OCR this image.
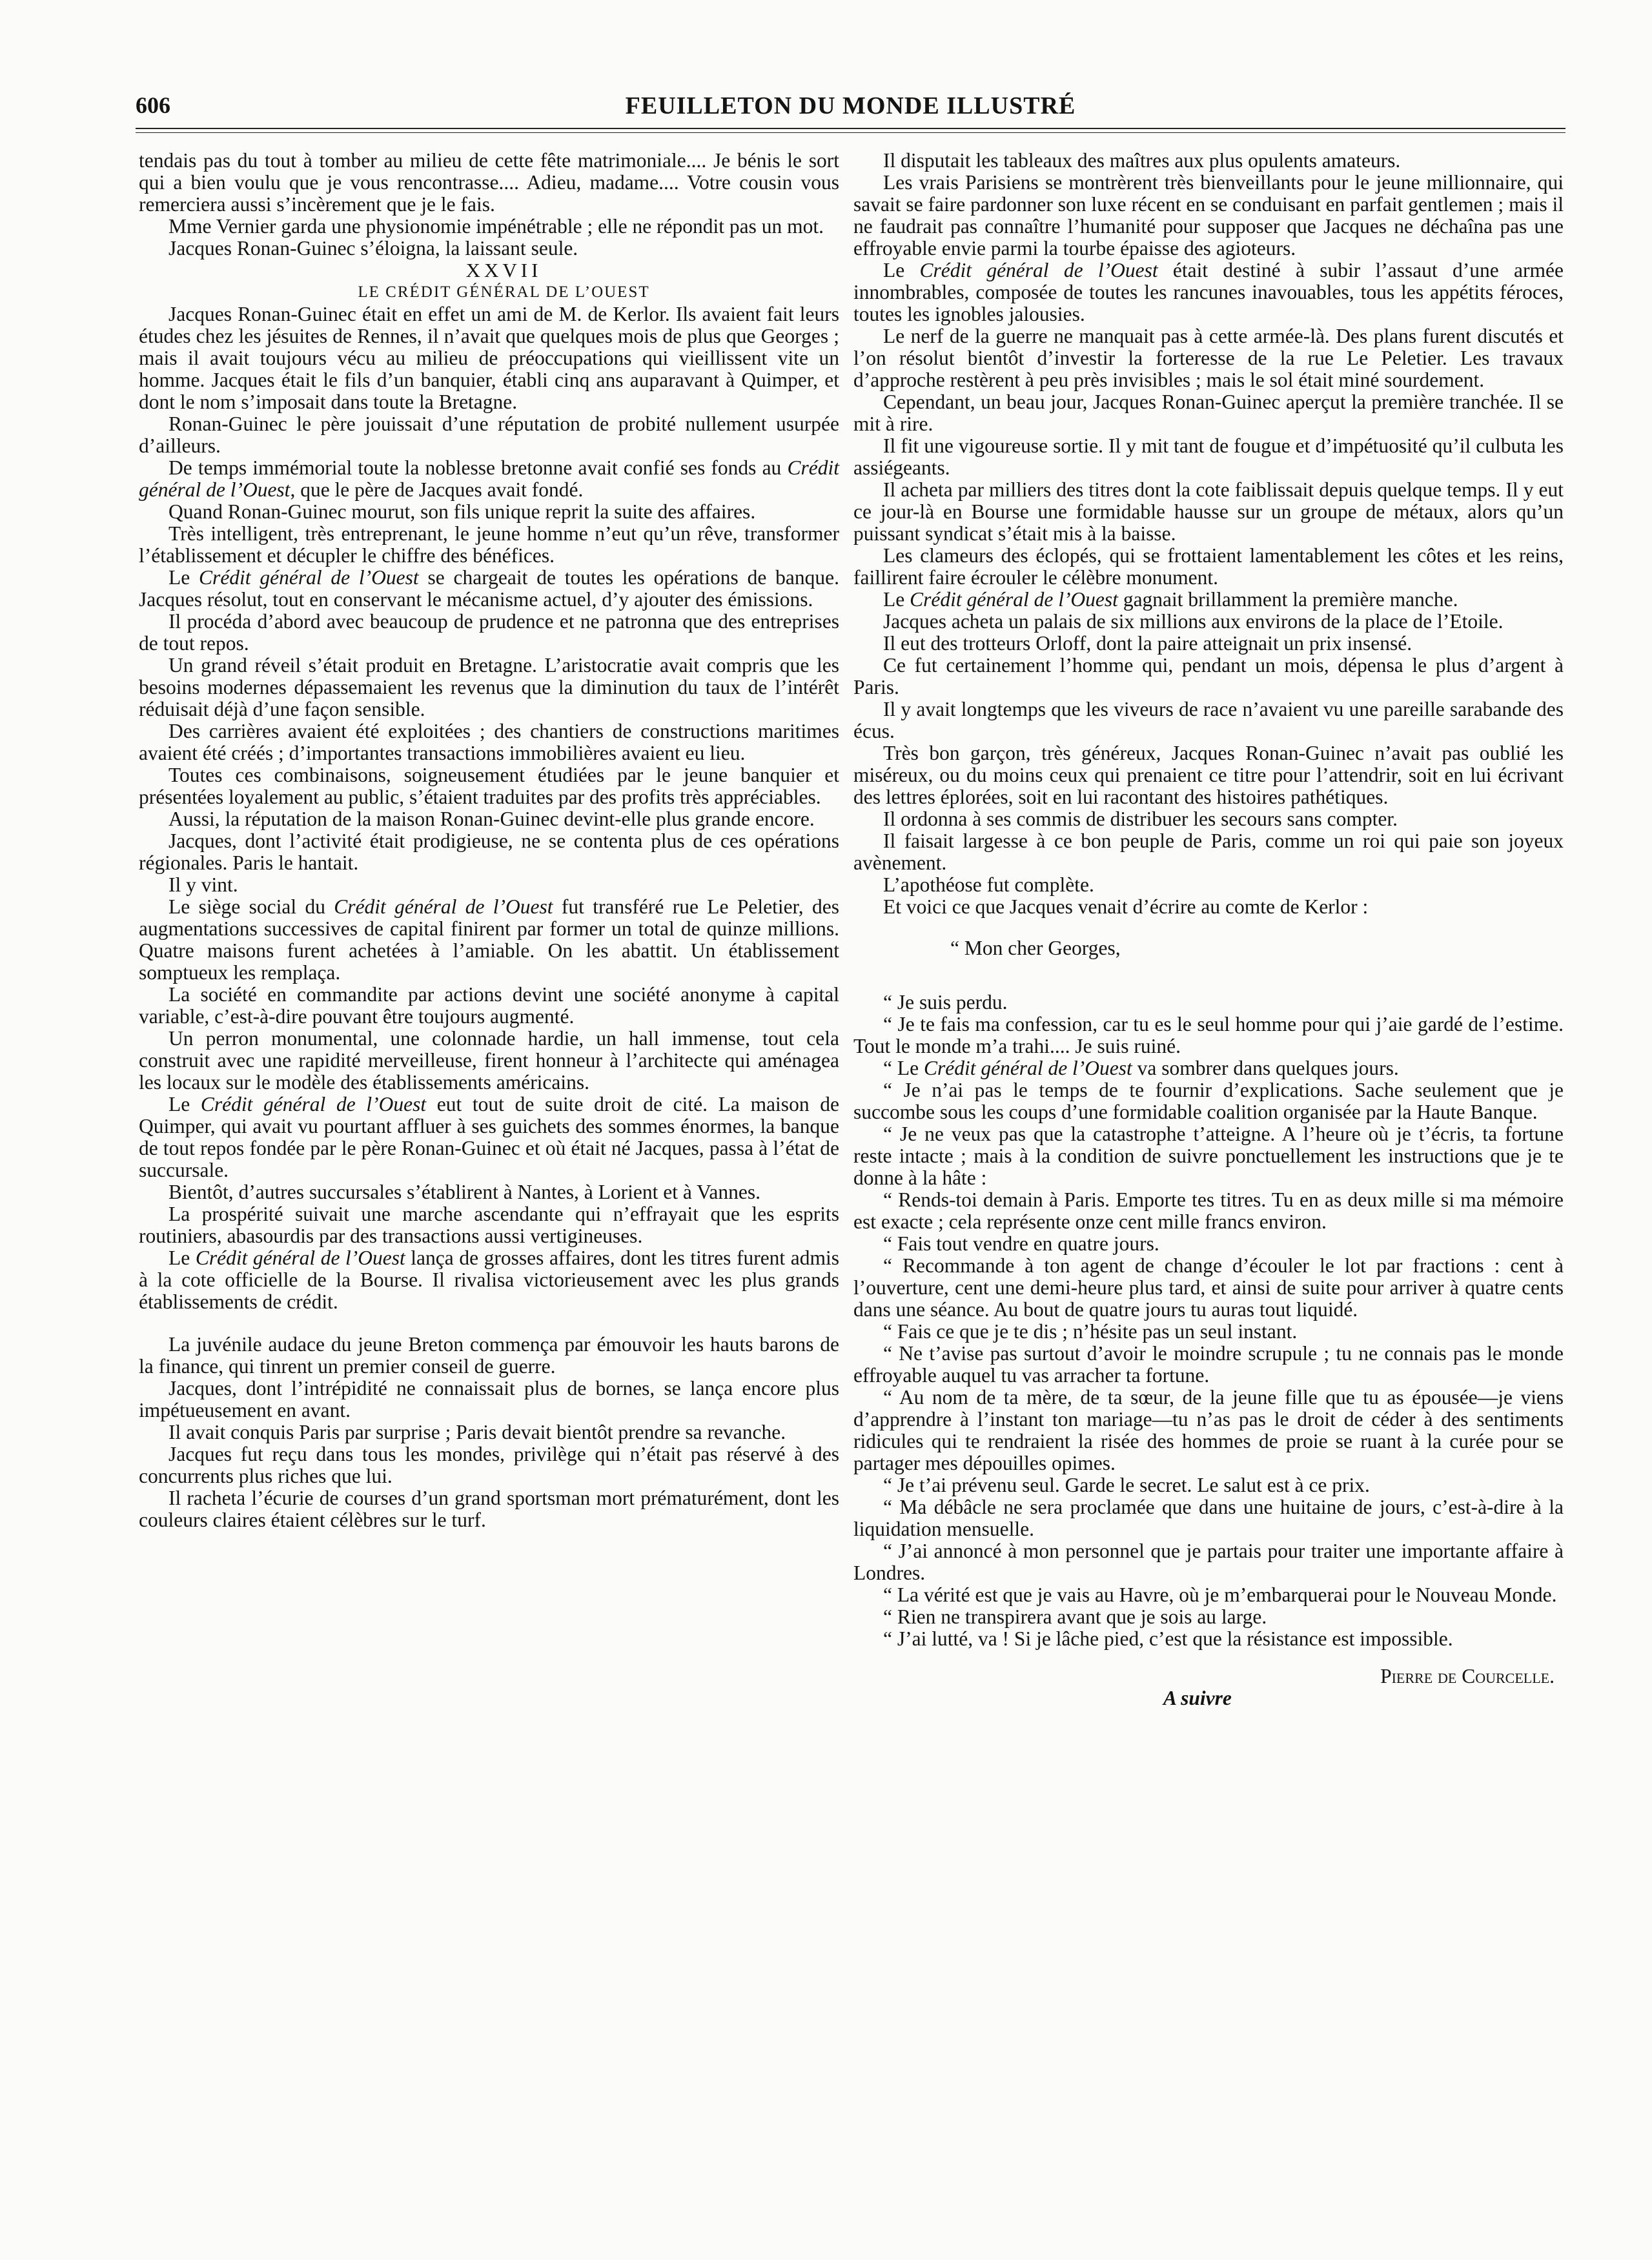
606	FEUILLETON DU MONDE ILLUSTRÉ

tendais pas du tout à tomber au milieu de cette fête matrimoniale.... Je bénis le sort qui a bien voulu que je vous rencontrasse.... Adieu, madame.... Votre cousin vous remerciera aussi s’incèrement que je le fais.

Mme Vernier garda une physionomie impénétrable ; elle ne répondit pas un mot.

Jacques Ronan-Guinec s’éloigna, la laissant seule.

XXVII

LE CRÉDIT GÉNÉRAL DE L’OUEST

Jacques Ronan-Guinec était en effet un ami de M. de Kerlor. Ils avaient fait leurs études chez les jésuites de Rennes, il n’avait que quelques mois de plus que Georges ; mais il avait toujours vécu au milieu de préoccupations qui vieillissent vite un homme. Jacques était le fils d’un banquier, établi cinq ans auparavant à Quimper, et dont le nom s’imposait dans toute la Bretagne.

Ronan-Guinec le père jouissait d’une réputation de probité nullement usurpée d’ailleurs.

De temps immémorial toute la noblesse bretonne avait confié ses fonds au Crédit général de l’Ouest, que le père de Jacques avait fondé.

Quand Ronan-Guinec mourut, son fils unique reprit la suite des affaires.

Très intelligent, très entreprenant, le jeune homme n’eut qu’un rêve, transformer l’établissement et décupler le chiffre des bénéfices.

Le Crédit général de l’Ouest se chargeait de toutes les opérations de banque. Jacques résolut, tout en conservant le mécanisme actuel, d’y ajouter des émissions.

Il procéda d’abord avec beaucoup de prudence et ne patronna que des entreprises de tout repos.

Un grand réveil s’était produit en Bretagne. L’aristocratie avait compris que les besoins modernes dépassemaient les revenus que la diminution du taux de l’intérêt réduisait déjà d’une façon sensible.

Des carrières avaient été exploitées ; des chantiers de constructions maritimes avaient été créés ; d’importantes transactions immobilières avaient eu lieu.

Toutes ces combinaisons, soigneusement étudiées par le jeune banquier et présentées loyalement au public, s’étaient traduites par des profits très appréciables.

Aussi, la réputation de la maison Ronan-Guinec devint-elle plus grande encore.

Jacques, dont l’activité était prodigieuse, ne se contenta plus de ces opérations régionales. Paris le hantait.

Il y vint.

Le siège social du Crédit général de l’Ouest fut transféré rue Le Peletier, des augmentations successives de capital finirent par former un total de quinze millions. Quatre maisons furent achetées à l’amiable. On les abattit. Un établissement somptueux les remplaça.

La société en commandite par actions devint une société anonyme à capital variable, c’est-à-dire pouvant être toujours augmenté.

Un perron monumental, une colonnade hardie, un hall immense, tout cela construit avec une rapidité merveilleuse, firent honneur à l’architecte qui aménagea les locaux sur le modèle des établissements américains.

Le Crédit général de l’Ouest eut tout de suite droit de cité. La maison de Quimper, qui avait vu pourtant affluer à ses guichets des sommes énormes, la banque de tout repos fondée par le père Ronan-Guinec et où était né Jacques, passa à l’état de succursale.

Bientôt, d’autres succursales s’établirent à Nantes, à Lorient et à Vannes.

La prospérité suivait une marche ascendante qui n’effrayait que les esprits routiniers, abasourdis par des transactions aussi vertigineuses.

Le Crédit général de l’Ouest lança de grosses affaires, dont les titres furent admis à la cote officielle de la Bourse. Il rivalisa victorieusement avec les plus grands établissements de crédit.

La juvénile audace du jeune Breton commença par émouvoir les hauts barons de la finance, qui tinrent un premier conseil de guerre.

Jacques, dont l’intrépidité ne connaissait plus de bornes, se lança encore plus impétueusement en avant.

Il avait conquis Paris par surprise ; Paris devait bientôt prendre sa revanche.

Jacques fut reçu dans tous les mondes, privilège qui n’était pas réservé à des concurrents plus riches que lui.

Il racheta l’écurie de courses d’un grand sportsman mort prématurément, dont les couleurs claires étaient célèbres sur le turf.

Il disputait les tableaux des maîtres aux plus opulents amateurs.

Les vrais Parisiens se montrèrent très bienveillants pour le jeune millionnaire, qui savait se faire pardonner son luxe récent en se conduisant en parfait gentlemen ; mais il ne faudrait pas connaître l’humanité pour supposer que Jacques ne déchaîna pas une effroyable envie parmi la tourbe épaisse des agioteurs.

Le Crédit général de l’Ouest était destiné à subir l’assaut d’une armée innombrables, composée de toutes les rancunes inavouables, tous les appétits féroces, toutes les ignobles jalousies.

Le nerf de la guerre ne manquait pas à cette armée-là. Des plans furent discutés et l’on résolut bientôt d’investir la forteresse de la rue Le Peletier. Les travaux d’approche restèrent à peu près invisibles ; mais le sol était miné sourdement.

Cependant, un beau jour, Jacques Ronan-Guinec aperçut la première tranchée. Il se mit à rire.

Il fit une vigoureuse sortie. Il y mit tant de fougue et d’impétuosité qu’il culbuta les assiégeants.

Il acheta par milliers des titres dont la cote faiblissait depuis quelque temps. Il y eut ce jour-là en Bourse une formidable hausse sur un groupe de métaux, alors qu’un puissant syndicat s’était mis à la baisse.

Les clameurs des éclopés, qui se frottaient lamentablement les côtes et les reins, faillirent faire écrouler le célèbre monument.

Le Crédit général de l’Ouest gagnait brillamment la première manche.

Jacques acheta un palais de six millions aux environs de la place de l’Etoile.

Il eut des trotteurs Orloff, dont la paire atteignait un prix insensé.

Ce fut certainement l’homme qui, pendant un mois, dépensa le plus d’argent à Paris.

Il y avait longtemps que les viveurs de race n’avaient vu une pareille sarabande des écus.

Très bon garçon, très généreux, Jacques Ronan-Guinec n’avait pas oublié les miséreux, ou du moins ceux qui prenaient ce titre pour l’attendrir, soit en lui écrivant des lettres éplorées, soit en lui racontant des histoires pathétiques.

Il ordonna à ses commis de distribuer les secours sans compter.

Il faisait largesse à ce bon peuple de Paris, comme un roi qui paie son joyeux avènement.

L’apothéose fut complète.

Et voici ce que Jacques venait d’écrire au comte de Kerlor :

“ Mon cher Georges,

“ Je suis perdu.

“ Je te fais ma confession, car tu es le seul homme pour qui j’aie gardé de l’estime. Tout le monde m’a trahi.... Je suis ruiné.

“ Le Crédit général de l’Ouest va sombrer dans quelques jours.

“ Je n’ai pas le temps de te fournir d’explications. Sache seulement que je succombe sous les coups d’une formidable coalition organisée par la Haute Banque.

“ Je ne veux pas que la catastrophe t’atteigne. A l’heure où je t’écris, ta fortune reste intacte ; mais à la condition de suivre ponctuellement les instructions que je te donne à la hâte :

“ Rends-toi demain à Paris. Emporte tes titres. Tu en as deux mille si ma mémoire est exacte ; cela représente onze cent mille francs environ.

“ Fais tout vendre en quatre jours.

“ Recommande à ton agent de change d’écouler le lot par fractions : cent à l’ouverture, cent une demi-heure plus tard, et ainsi de suite pour arriver à quatre cents dans une séance. Au bout de quatre jours tu auras tout liquidé.

“ Fais ce que je te dis ; n’hésite pas un seul instant.

“ Ne t’avise pas surtout d’avoir le moindre scrupule ; tu ne connais pas le monde effroyable auquel tu vas arracher ta fortune.

“ Au nom de ta mère, de ta sœur, de la jeune fille que tu as épousée—je viens d’apprendre à l’instant ton mariage—tu n’as pas le droit de céder à des sentiments ridicules qui te rendraient la risée des hommes de proie se ruant à la curée pour se partager mes dépouilles opimes.

“ Je t’ai prévenu seul. Garde le secret. Le salut est à ce prix.

“ Ma débâcle ne sera proclamée que dans une huitaine de jours, c’est-à-dire à la liquidation mensuelle.

“ J’ai annoncé à mon personnel que je partais pour traiter une importante affaire à Londres.

“ La vérité est que je vais au Havre, où je m’embarquerai pour le Nouveau Monde.

“ Rien ne transpirera avant que je sois au large.

“ J’ai lutté, va ! Si je lâche pied, c’est que la résistance est impossible.

Pierre de Courcelle.

A suivre
